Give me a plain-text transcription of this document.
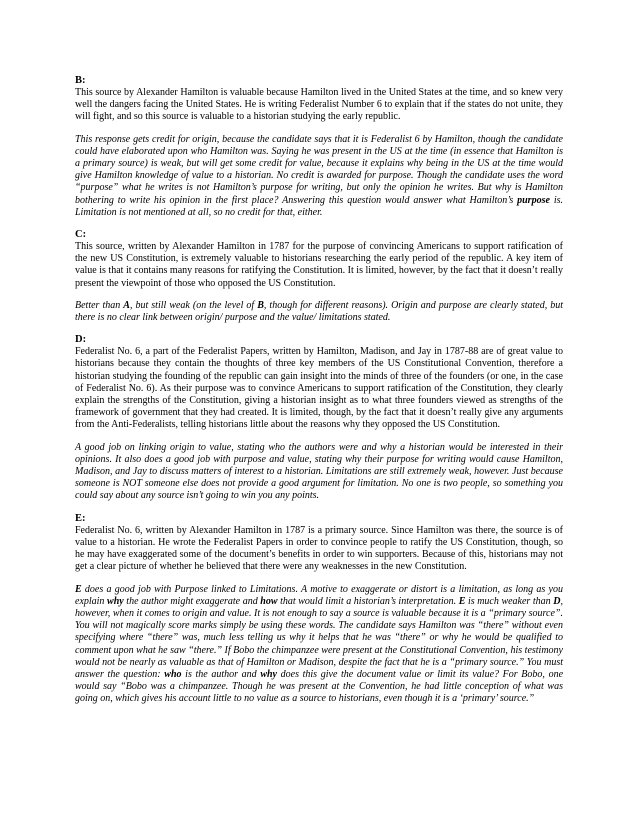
B:

This source by Alexander Hamilton is valuable because Hamilton lived in the United States at the time, and so knew very well the dangers facing the United States. He is writing Federalist Number 6 to explain that if the states do not unite, they will fight, and so this source is valuable to a historian studying the early republic.

This response gets credit for origin, because the candidate says that it is Federalist 6 by Hamilton, though the candidate could have elaborated upon who Hamilton was. Saying he was present in the US at the time (in essence that Hamilton is a primary source) is weak, but will get some credit for value, because it explains why being in the US at the time would give Hamilton knowledge of value to a historian. No credit is awarded for purpose. Though the candidate uses the word “purpose” what he writes is not Hamilton’s purpose for writing, but only the opinion he writes. But why is Hamilton bothering to write his opinion in the first place? Answering this question would answer what Hamilton’s purpose is. Limitation is not mentioned at all, so no credit for that, either.

C:

This source, written by Alexander Hamilton in 1787 for the purpose of convincing Americans to support ratification of the new US Constitution, is extremely valuable to historians researching the early period of the republic. A key item of value is that it contains many reasons for ratifying the Constitution. It is limited, however, by the fact that it doesn’t really present the viewpoint of those who opposed the US Constitution.

Better than A, but still weak (on the level of B, though for different reasons). Origin and purpose are clearly stated, but there is no clear link between origin/ purpose and the value/ limitations stated.

D:

Federalist No. 6, a part of the Federalist Papers, written by Hamilton, Madison, and Jay in 1787-88 are of great value to historians because they contain the thoughts of three key members of the US Constitutional Convention, therefore a historian studying the founding of the republic can gain insight into the minds of three of the founders (or one, in the case of Federalist No. 6). As their purpose was to convince Americans to support ratification of the Constitution, they clearly explain the strengths of the Constitution, giving a historian insight as to what three founders viewed as strengths of the framework of government that they had created. It is limited, though, by the fact that it doesn’t really give any arguments from the Anti-Federalists, telling historians little about the reasons why they opposed the US Constitution.

A good job on linking origin to value, stating who the authors were and why a historian would be interested in their opinions. It also does a good job with purpose and value, stating why their purpose for writing would cause Hamilton, Madison, and Jay to discuss matters of interest to a historian. Limitations are still extremely weak, however. Just because someone is NOT someone else does not provide a good argument for limitation. No one is two people, so something you could say about any source isn’t going to win you any points.

E:

Federalist No. 6, written by Alexander Hamilton in 1787 is a primary source. Since Hamilton was there, the source is of value to a historian. He wrote the Federalist Papers in order to convince people to ratify the US Constitution, though, so he may have exaggerated some of the document’s benefits in order to win supporters. Because of this, historians may not get a clear picture of whether he believed that there were any weaknesses in the new Constitution.

E does a good job with Purpose linked to Limitations. A motive to exaggerate or distort is a limitation, as long as you explain why the author might exaggerate and how that would limit a historian’s interpretation. E is much weaker than D, however, when it comes to origin and value. It is not enough to say a source is valuable because it is a “primary source”. You will not magically score marks simply be using these words. The candidate says Hamilton was “there” without even specifying where “there” was, much less telling us why it helps that he was “there” or why he would be qualified to comment upon what he saw “there.” If Bobo the chimpanzee were present at the Constitutional Convention, his testimony would not be nearly as valuable as that of Hamilton or Madison, despite the fact that he is a “primary source.” You must answer the question: who is the author and why does this give the document value or limit its value? For Bobo, one would say “Bobo was a chimpanzee. Though he was present at the Convention, he had little conception of what was going on, which gives his account little to no value as a source to historians, even though it is a ‘primary’ source.”
